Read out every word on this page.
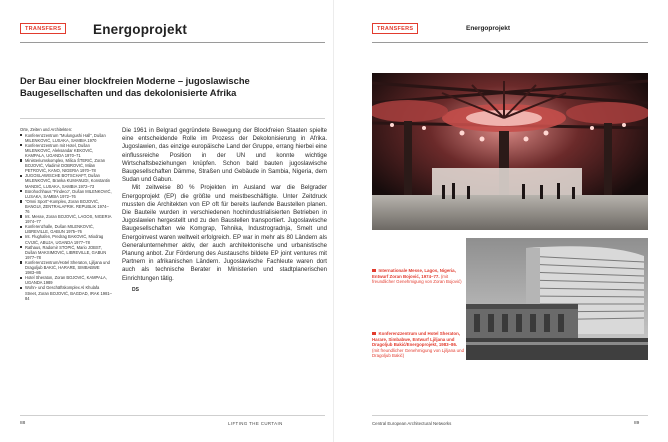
TRANSFERS	Energoprojekt
Der Bau einer blockfreien Moderne – jugoslawische Baugesellschaften und das dekolonisierte Afrika
Orte, Zeiten und Architekten:
Konferenzzentrum "Mulungushi Hall", Dušan MILENKOVIĆ, LUSAKA, SAMBIA 1970
Konferenzzentrum mit Hotel, Dušan MILENKOVIĆ, Aleksandar KEKOVIĆ, KAMPALA, UGANDA 1970–71
Ministeriumskomplex, Milica ŠTERIĆ, Zoran BOJOVIĆ, Vladimir DOBROVIĆ, Milan PETROVIĆ, KANO, NIGERIA 1970–78
JUGOSLAWISCHE BOTSCHAFT, Dušan MILENKOVIĆ, Branka KUMANUDI, Konstantin MANDIĆ, LUSAKA, SAMBIA 1972–73
Bürohochhaus "Findeco", Dušan MILENKOVIĆ, LUSAKA, SAMBIA 1972–76
"Omni Sport"-Komplex, Zoran BOJOVIĆ, BANGUI, ZENTRALAFRIK. REPUBLIK 1974–76
Int. Messe, Zoran BOJOVIĆ, LAGOS, NIGERIA 1974–77
Konferenzhalle, Dušan MILENKOVIĆ, LIBREVILLE, GABUN 1975–76
Int. Flughafen, Predrag BAKOVIĆ, Miodrag CVIJIĆ, ABUJA, UGANDA 1977–78
Rathaus, Radomir STOPIĆ, Mario JOBST, Dušan MAKSIMOVIĆ, LIBREVILLE, GABUN 1977–78
Konferenzzentrum/Hotel Sheraton, Ljiljana und Dragoljub BAKIĆ, HARARE, SIMBABWE 1983–86
Hotel Sheraton, Zoran BOJOVIĆ, KAMPALA, UGANDA 1989
Wohn- und Geschäftskomplex Al Khulafa Street, Zoran BOJOVIĆ, BAGDAD, IRAK 1981–84

Die 1961 in Belgrad gegründete Bewegung der Blockfreien Staaten spielte eine entscheidende Rolle im Prozess der Dekolonisierung in Afrika. Jugoslawien, das einzige europäische Land der Gruppe, errang hierbei eine einflussreiche Position in der UN und konnte wichtige Wirtschaftsbeziehungen knüpfen. Schon bald bauten jugoslawische Baugesellschaften Dämme, Straßen und Gebäude in Sambia, Nigeria, dem Sudan und Gabun.

Mit zeitweise 80 % Projekten im Ausland war die Belgrader Energoprojekt (EP) die größte und meistbeschäftigte. Unter Zeitdruck mussten die Architekten von EP oft für bereits laufende Baustellen planen. Die Bauteile wurden in verschiedenen hochindustrialisierten Betrieben in Jugoslawien hergestellt und zu den Baustellen transportiert. Jugoslawische Baugesellschaften wie Komgrap, Tehnika, Industrogradnja, Smelt und Energoinvest waren weltweit erfolgreich. EP war in mehr als 80 Ländern als Generalunternehmer aktiv, der auch architektonische und urbanistische Planung anbot. Zur Förderung des Austauschs bildete EP joint ventures mit Partnern in afrikanischen Ländern. Jugoslawische Fachleute waren dort auch als technische Berater in Ministerien und stadtplanerischen Einrichtungen tätig.

DS
88	LIFTING THE CURTAIN
TRANSFERS	Energoprojekt
Internationale Messe, Lagos, Nigeria, Entwurf Zoran Bojović, 1974–77. (mit freundlicher Genehmigung von Zoran Bojović)
Konferenzzentrum und Hotel Sheraton, Harare, Simbabwe, Entwurf Ljiljana und Dragoljub Bakić/Energoprojekt, 1983–86. (mit freundlicher Genehmigung von Ljiljana und Dragoljub Bakić)
Central European Architectural Networks	89
